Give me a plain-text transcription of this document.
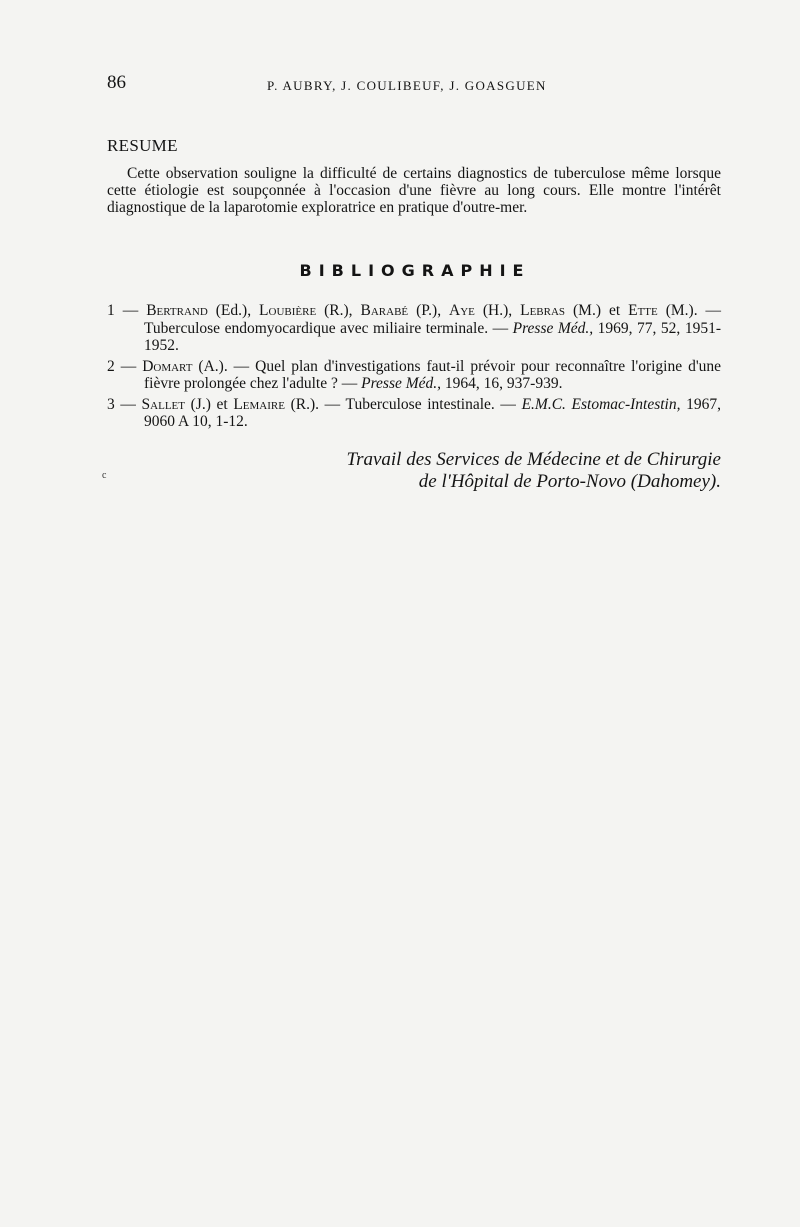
86	P. AUBRY, J. COULIBEUF, J. GOASGUEN
RESUME

Cette observation souligne la difficulté de certains diagnostics de tuberculose même lorsque cette étiologie est soupçonnée à l'occasion d'une fièvre au long cours. Elle montre l'intérêt diagnostique de la laparotomie exploratrice en pratique d'outre-mer.

BIBLIOGRAPHIE
1 — Bertrand (Ed.), Loubière (R.), Barabé (P.), Aye (H.), Lebras (M.) et Ette (M.). — Tuberculose endomyocardique avec miliaire terminale. — Presse Méd., 1969, 77, 52, 1951-1952.
2 — Domart (A.). — Quel plan d'investigations faut-il prévoir pour reconnaître l'origine d'une fièvre prolongée chez l'adulte ? — Presse Méd., 1964, 16, 937-939.
3 — Sallet (J.) et Lemaire (R.). — Tuberculose intestinale. — E.M.C. Estomac-Intestin, 1967, 9060 A 10, 1-12.
Travail des Services de Médecine et de Chirurgie
de l'Hôpital de Porto-Novo (Dahomey).
c
